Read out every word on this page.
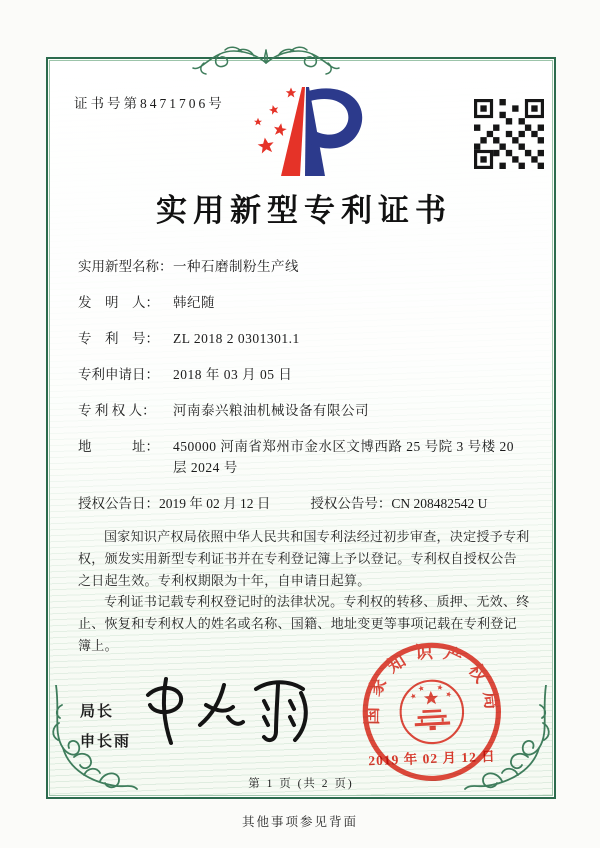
证书号第8471706号
实用新型专利证书
实用新型名称： 一种石磨制粉生产线
发　明　人：	韩纪随
专　利　号：	ZL 2018 2 0301301.1
专利申请日：	2018 年 03 月 05 日
专 利 权 人：	河南泰兴粮油机械设备有限公司
地　　　址：	450000 河南省郑州市金水区文博西路 25 号院 3 号楼 20 层 2024 号
授权公告日： 2019 年 02 月 12 日	授权公告号： CN 208482542 U

国家知识产权局依照中华人民共和国专利法经过初步审查，决定授予专利权，颁发实用新型专利证书并在专利登记簿上予以登记。专利权自授权公告之日起生效。专利权期限为十年，自申请日起算。

专利证书记载专利权登记时的法律状况。专利权的转移、质押、无效、终止、恢复和专利权人的姓名或名称、国籍、地址变更等事项记载在专利登记簿上。

局长
申长雨
国家知识产权局
2019 年 02 月 12 日
第 1 页 (共 2 页)
其他事项参见背面
